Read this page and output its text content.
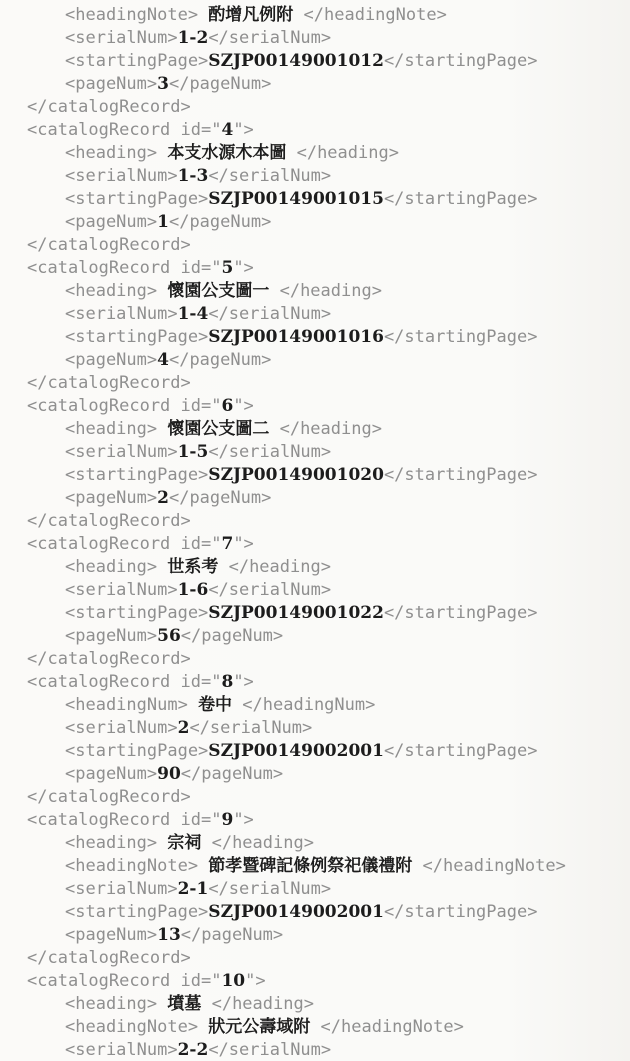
<headingNote> 酌增凡例附 </headingNote>
<serialNum>1-2</serialNum>
<startingPage>SZJP00149001012</startingPage>
<pageNum>3</pageNum>
</catalogRecord>
<catalogRecord id="4">
<heading> 本支水源木本圖 </heading>
<serialNum>1-3</serialNum>
<startingPage>SZJP00149001015</startingPage>
<pageNum>1</pageNum>
</catalogRecord>
<catalogRecord id="5">
<heading> 懷園公支圖一 </heading>
<serialNum>1-4</serialNum>
<startingPage>SZJP00149001016</startingPage>
<pageNum>4</pageNum>
</catalogRecord>
<catalogRecord id="6">
<heading> 懷園公支圖二 </heading>
<serialNum>1-5</serialNum>
<startingPage>SZJP00149001020</startingPage>
<pageNum>2</pageNum>
</catalogRecord>
<catalogRecord id="7">
<heading> 世系考 </heading>
<serialNum>1-6</serialNum>
<startingPage>SZJP00149001022</startingPage>
<pageNum>56</pageNum>
</catalogRecord>
<catalogRecord id="8">
<headingNum> 卷中 </headingNum>
<serialNum>2</serialNum>
<startingPage>SZJP00149002001</startingPage>
<pageNum>90</pageNum>
</catalogRecord>
<catalogRecord id="9">
<heading> 宗祠 </heading>
<headingNote> 節孝暨碑記條例祭祀儀禮附 </headingNote>
<serialNum>2-1</serialNum>
<startingPage>SZJP00149002001</startingPage>
<pageNum>13</pageNum>
</catalogRecord>
<catalogRecord id="10">
<heading> 墳墓 </heading>
<headingNote> 狀元公壽域附 </headingNote>
<serialNum>2-2</serialNum>
